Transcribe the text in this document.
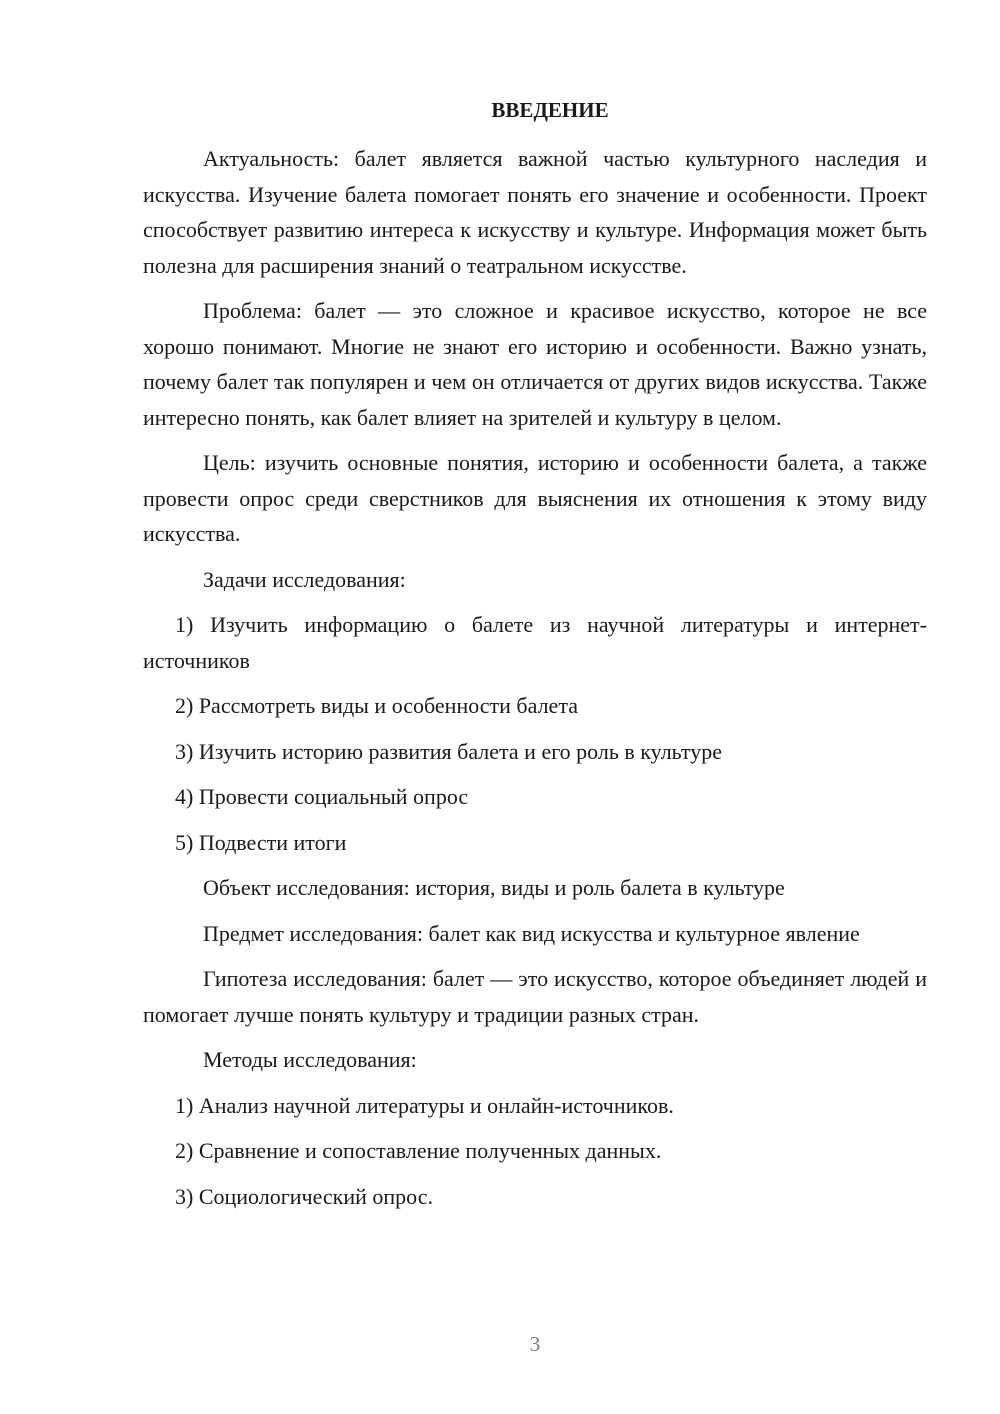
ВВЕДЕНИЕ

Актуальность: балет является важной частью культурного наследия и искусства. Изучение балета помогает понять его значение и особенности. Проект способствует развитию интереса к искусству и культуре. Информация может быть полезна для расширения знаний о театральном искусстве.

Проблема: балет — это сложное и красивое искусство, которое не все хорошо понимают. Многие не знают его историю и особенности. Важно узнать, почему балет так популярен и чем он отличается от других видов искусства. Также интересно понять, как балет влияет на зрителей и культуру в целом.

Цель: изучить основные понятия, историю и особенности балета, а также провести опрос среди сверстников для выяснения их отношения к этому виду искусства.

Задачи исследования:

1) Изучить информацию о балете из научной литературы и интернет-источников

2) Рассмотреть виды и особенности балета

3) Изучить историю развития балета и его роль в культуре

4) Провести социальный опрос

5) Подвести итоги

Объект исследования: история, виды и роль балета в культуре

Предмет исследования: балет как вид искусства и культурное явление

Гипотеза исследования: балет — это искусство, которое объединяет людей и помогает лучше понять культуру и традиции разных стран.

Методы исследования:

1) Анализ научной литературы и онлайн-источников.

2) Сравнение и сопоставление полученных данных.

3) Социологический опрос.

3
